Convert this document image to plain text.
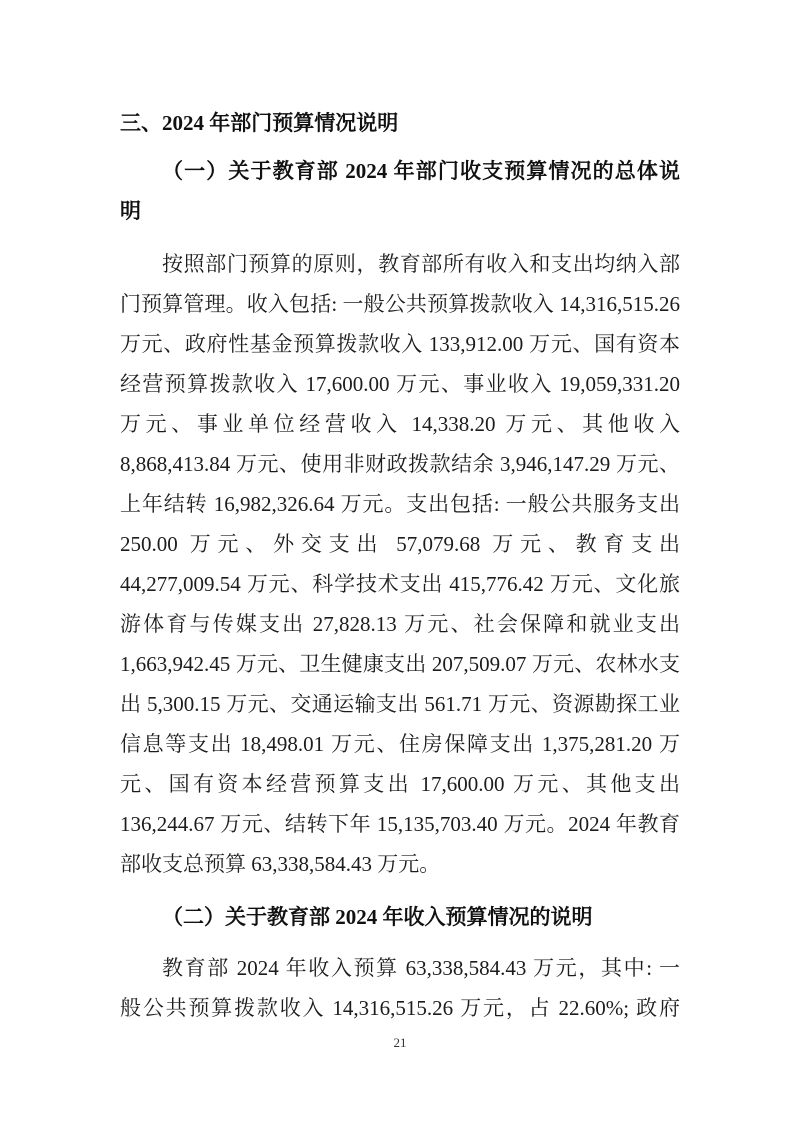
三、2024 年部门预算情况说明
（一）关于教育部 2024 年部门收支预算情况的总体说
明
按照部门预算的原则，教育部所有收入和支出均纳入部
门预算管理。收入包括: 一般公共预算拨款收入 14,316,515.26
万元、政府性基金预算拨款收入 133,912.00 万元、国有资本
经营预算拨款收入 17,600.00 万元、事业收入 19,059,331.20
万元、事业单位经营收入 14,338.20 万元、其他收入
8,868,413.84 万元、使用非财政拨款结余 3,946,147.29 万元、
上年结转 16,982,326.64 万元。支出包括: 一般公共服务支出
250.00 万元、外交支出 57,079.68 万元、教育支出
44,277,009.54 万元、科学技术支出 415,776.42 万元、文化旅
游体育与传媒支出 27,828.13 万元、社会保障和就业支出
1,663,942.45 万元、卫生健康支出 207,509.07 万元、农林水支
出 5,300.15 万元、交通运输支出 561.71 万元、资源勘探工业
信息等支出 18,498.01 万元、住房保障支出 1,375,281.20 万
元、国有资本经营预算支出 17,600.00 万元、其他支出
136,244.67 万元、结转下年 15,135,703.40 万元。2024 年教育
部收支总预算 63,338,584.43 万元。
（二）关于教育部 2024 年收入预算情况的说明
教育部 2024 年收入预算 63,338,584.43 万元，其中: 一
般公共预算拨款收入 14,316,515.26 万元，占 22.60%; 政府
21
